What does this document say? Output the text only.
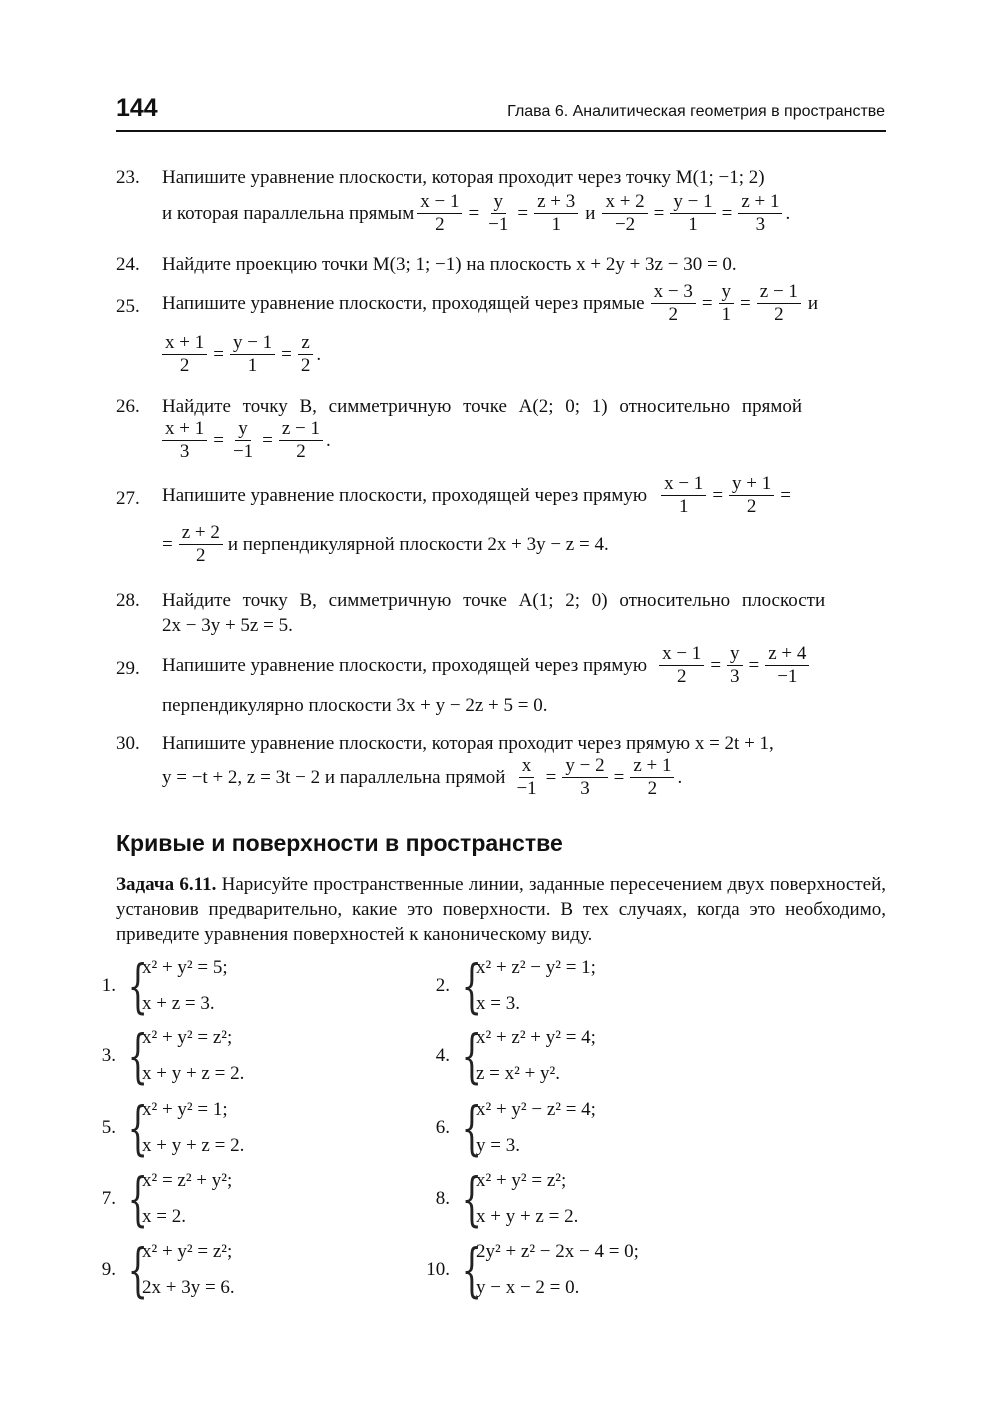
144	Глава 6. Аналитическая геометрия в пространстве
23. Напишите уравнение плоскости, которая проходит через точку M(1; −1; 2)
и которая параллельна прямым $\frac{x - 1}{2} = \frac{y}{-1} = \frac{z + 3}{1}$ и $\frac{x + 2}{-2} = \frac{y - 1}{1} = \frac{z + 1}{3}$ .
24. Найдите проекцию точки M(3; 1; −1) на плоскость x + 2y + 3z − 30 = 0.
25. Напишите уравнение плоскости, проходящей через прямые $\frac{x - 3}{2} = \frac{y}{1} = \frac{z - 1}{2}$ и
$\frac{x + 1}{2} = \frac{y - 1}{1} = \frac{z}{2}$ .
26. Найдите точку B, симметричную точке A(2; 0; 1) относительно прямой
$\frac{x + 1}{3} = \frac{y}{-1} = \frac{z - 1}{2}$ .
27. Напишите уравнение плоскости, проходящей через прямую $\frac{x - 1}{1} = \frac{y + 1}{2}$ =
= $\frac{z + 2}{2}$ и перпендикулярной плоскости 2x + 3y − z = 4.
28. Найдите точку B, симметричную точке A(1; 2; 0) относительно плоскости
2x − 3y + 5z = 5.
29. Напишите уравнение плоскости, проходящей через прямую $\frac{x - 1}{2} = \frac{y}{3} = \frac{z + 4}{-1}$
перпендикулярно плоскости 3x + y − 2z + 5 = 0.
30. Напишите уравнение плоскости, которая проходит через прямую x = 2t + 1,
y = −t + 2, z = 3t − 2 и параллельна прямой $\frac{x}{-1} = \frac{y - 2}{3} = \frac{z + 1}{2}$ .
Кривые и поверхности в пространстве
Задача 6.11. Нарисуйте пространственные линии, заданные пересечением двух поверхностей, установив предварительно, какие это поверхности. В тех случаях, когда это необходимо, приведите уравнения поверхностей к каноническому виду.
1. {
x² + y² = 5;
x + z = 3.
2. {
x² + z² − y² = 1;
x = 3.
3. {
x² + y² = z²;
x + y + z = 2.
4. {
x² + z² + y² = 4;
z = x² + y².
5. {
x² + y² = 1;
x + y + z = 2.
6. {
x² + y² − z² = 4;
y = 3.
7. {
x² = z² + y²;
x = 2.
8. {
x² + y² = z²;
x + y + z = 2.
9. {
x² + y² = z²;
2x + 3y = 6.
10. {
2y² + z² − 2x − 4 = 0;
y − x − 2 = 0.
